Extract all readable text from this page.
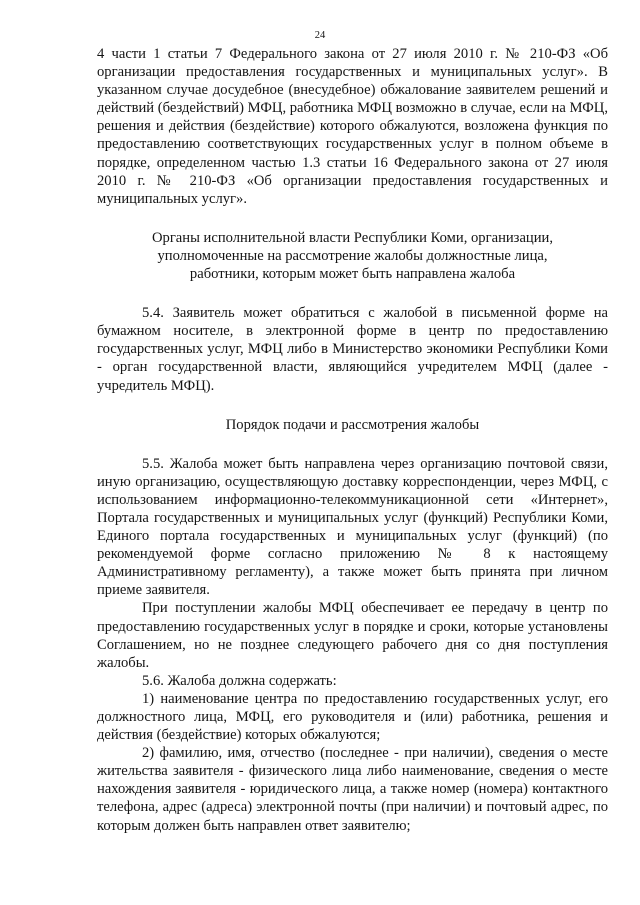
24

4 части 1 статьи 7 Федерального закона от 27 июля 2010 г. № 210-ФЗ «Об организации предоставления государственных и муниципальных услуг». В указанном случае досудебное (внесудебное) обжалование заявителем решений и действий (бездействий) МФЦ, работника МФЦ возможно в случае, если на МФЦ, решения и действия (бездействие) которого обжалуются, возложена функция по предоставлению соответствующих государственных услуг в полном объеме в порядке, определенном частью 1.3 статьи 16 Федерального закона от 27 июля 2010 г. № 210-ФЗ «Об организации предоставления государственных и муниципальных услуг».

Органы исполнительной власти Республики Коми, организации,

уполномоченные на рассмотрение жалобы должностные лица,

работники, которым может быть направлена жалоба

5.4. Заявитель может обратиться с жалобой в письменной форме на бумажном носителе, в электронной форме в центр по предоставлению государственных услуг, МФЦ либо в Министерство экономики Республики Коми - орган государственной власти, являющийся учредителем МФЦ (далее - учредитель МФЦ).

Порядок подачи и рассмотрения жалобы

5.5. Жалоба может быть направлена через организацию почтовой связи, иную организацию, осуществляющую доставку корреспонденции, через МФЦ, с использованием информационно-телекоммуникационной сети «Интернет», Портала государственных и муниципальных услуг (функций) Республики Коми, Единого портала государственных и муниципальных услуг (функций) (по рекомендуемой форме согласно приложению № 8 к настоящему Административному регламенту), а также может быть принята при личном приеме заявителя.

При поступлении жалобы МФЦ обеспечивает ее передачу в центр по предоставлению государственных услуг в порядке и сроки, которые установлены Соглашением, но не позднее следующего рабочего дня со дня поступления жалобы.

5.6. Жалоба должна содержать:

1) наименование центра по предоставлению государственных услуг, его должностного лица, МФЦ, его руководителя и (или) работника, решения и действия (бездействие) которых обжалуются;

2) фамилию, имя, отчество (последнее - при наличии), сведения о месте жительства заявителя - физического лица либо наименование, сведения о месте нахождения заявителя - юридического лица, а также номер (номера) контактного телефона, адрес (адреса) электронной почты (при наличии) и почтовый адрес, по которым должен быть направлен ответ заявителю;
